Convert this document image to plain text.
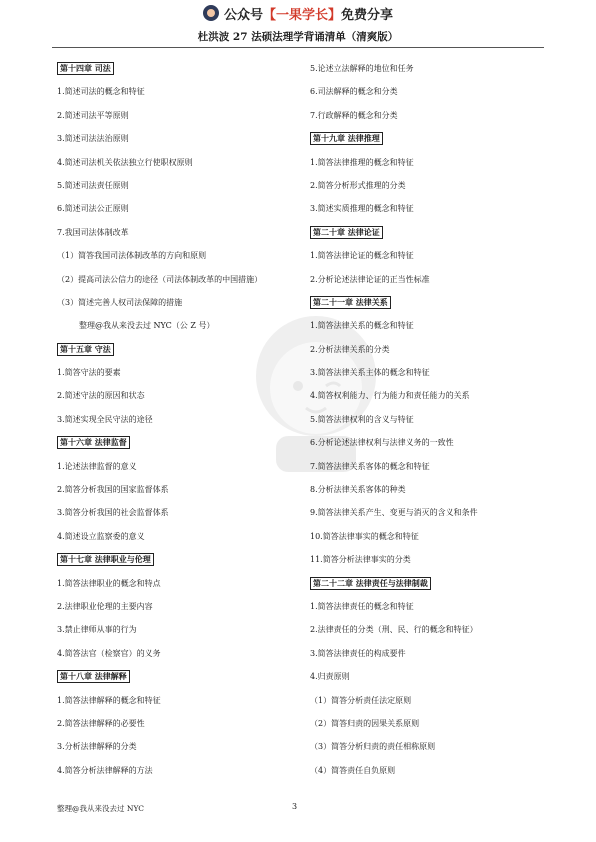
公众号 【一果学长】 免费分享
杜洪波 27 法硕法理学背诵清单（清爽版）
第十四章 司法
1.简述司法的概念和特征
2.简述司法平等原则
3.简述司法法治原则
4.简述司法机关依法独立行使职权原则
5.简述司法责任原则
6.简述司法公正原则
7.我国司法体制改革
（1）简答我国司法体制改革的方向和原则
（2）提高司法公信力的途径（司法体制改革的中国措施）
（3）简述完善人权司法保障的措施
整理@我从来没去过 NYC（公 Z 号）
第十五章 守法
1.简答守法的要素
2.简述守法的原因和状态
3.简述实现全民守法的途径
第十六章 法律监督
1.论述法律监督的意义
2.简答分析我国的国家监督体系
3.简答分析我国的社会监督体系
4.简述设立监察委的意义
第十七章 法律职业与伦理
1.简答法律职业的概念和特点
2.法律职业伦理的主要内容
3.禁止律师从事的行为
4.简答法官（检察官）的义务
第十八章 法律解释
1.简答法律解释的概念和特征
2.简答法律解释的必要性
3.分析法律解释的分类
4.简答分析法律解释的方法
5.论述立法解释的地位和任务
6.司法解释的概念和分类
7.行政解释的概念和分类
第十九章 法律推理
1.简答法律推理的概念和特征
2.简答分析形式推理的分类
3.简述实质推理的概念和特征
第二十章 法律论证
1.简答法律论证的概念和特征
2.分析论述法律论证的正当性标准
第二十一章 法律关系
1.简答法律关系的概念和特征
2.分析法律关系的分类
3.简答法律关系主体的概念和特征
4.简答权利能力、行为能力和责任能力的关系
5.简答法律权利的含义与特征
6.分析论述法律权利与法律义务的一致性
7.简答法律关系客体的概念和特征
8.分析法律关系客体的种类
9.简答法律关系产生、变更与消灭的含义和条件
10.简答法律事实的概念和特征
11.简答分析法律事实的分类
第二十二章 法律责任与法律制裁
1.简答法律责任的概念和特征
2.法律责任的分类（刑、民、行的概念和特征）
3.简答法律责任的构成要件
4.归责原则
（1）简答分析责任法定原则
（2）简答归责的因果关系原则
（3）简答分析归责的责任相称原则
（4）简答责任自负原则
整理@我从来没去过 NYC	3
